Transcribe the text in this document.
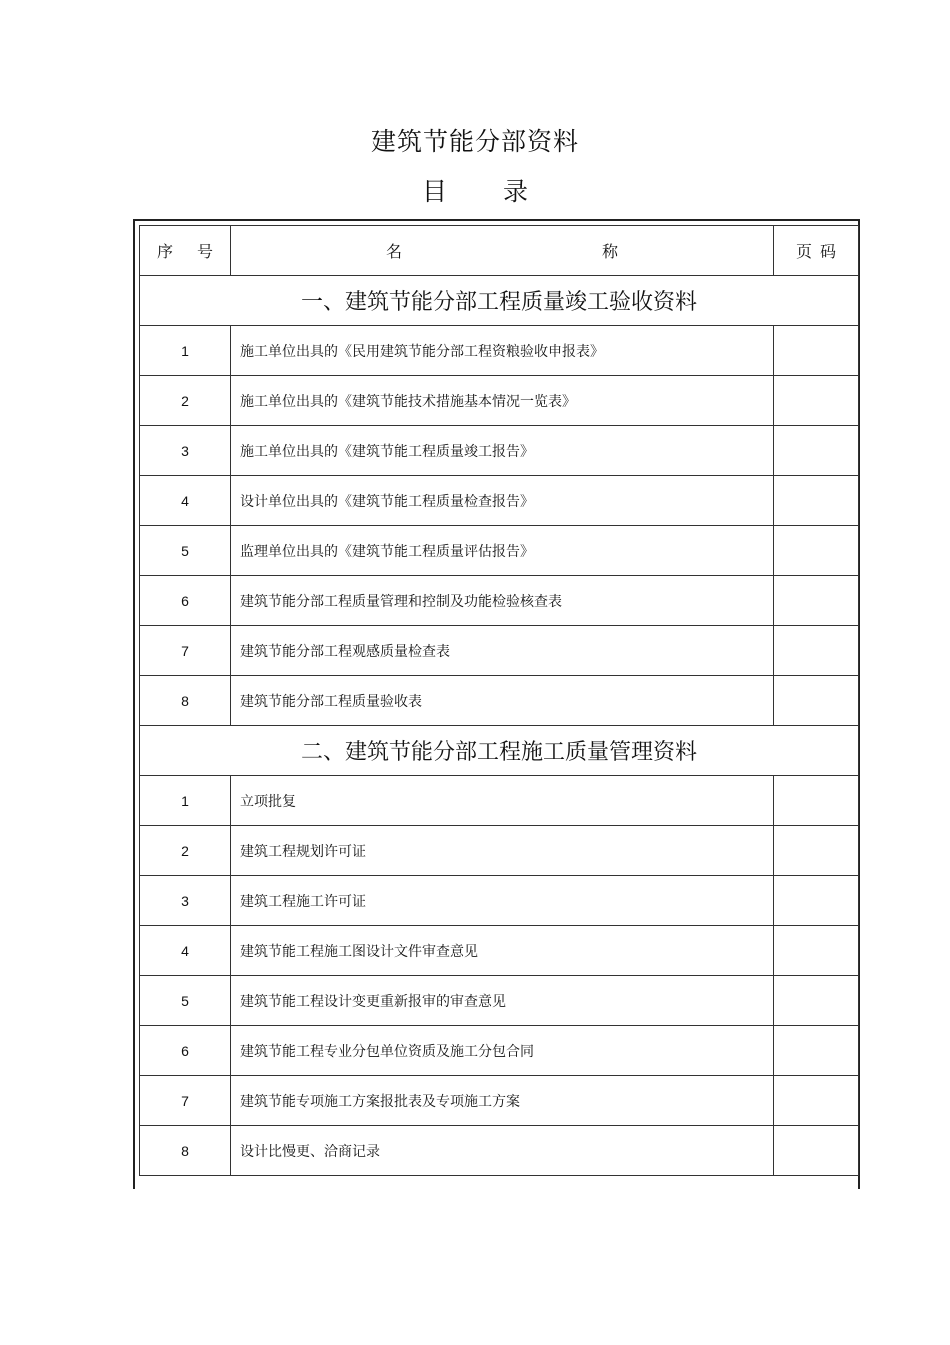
建筑节能分部资料
目 录
序 号	名 称	页 码
一、建筑节能分部工程质量竣工验收资料		
1	施工单位出具的《民用建筑节能分部工程资粮验收申报表》	
2	施工单位出具的《建筑节能技术措施基本情况一览表》	
3	施工单位出具的《建筑节能工程质量竣工报告》	
4	设计单位出具的《建筑节能工程质量检查报告》	
5	监理单位出具的《建筑节能工程质量评估报告》	
6	建筑节能分部工程质量管理和控制及功能检验核查表	
7	建筑节能分部工程观感质量检查表	
8	建筑节能分部工程质量验收表	
二、建筑节能分部工程施工质量管理资料		
1	立项批复	
2	建筑工程规划许可证	
3	建筑工程施工许可证	
4	建筑节能工程施工图设计文件审查意见	
5	建筑节能工程设计变更重新报审的审查意见	
6	建筑节能工程专业分包单位资质及施工分包合同	
7	建筑节能专项施工方案报批表及专项施工方案	
8	设计比慢更、洽商记录	
